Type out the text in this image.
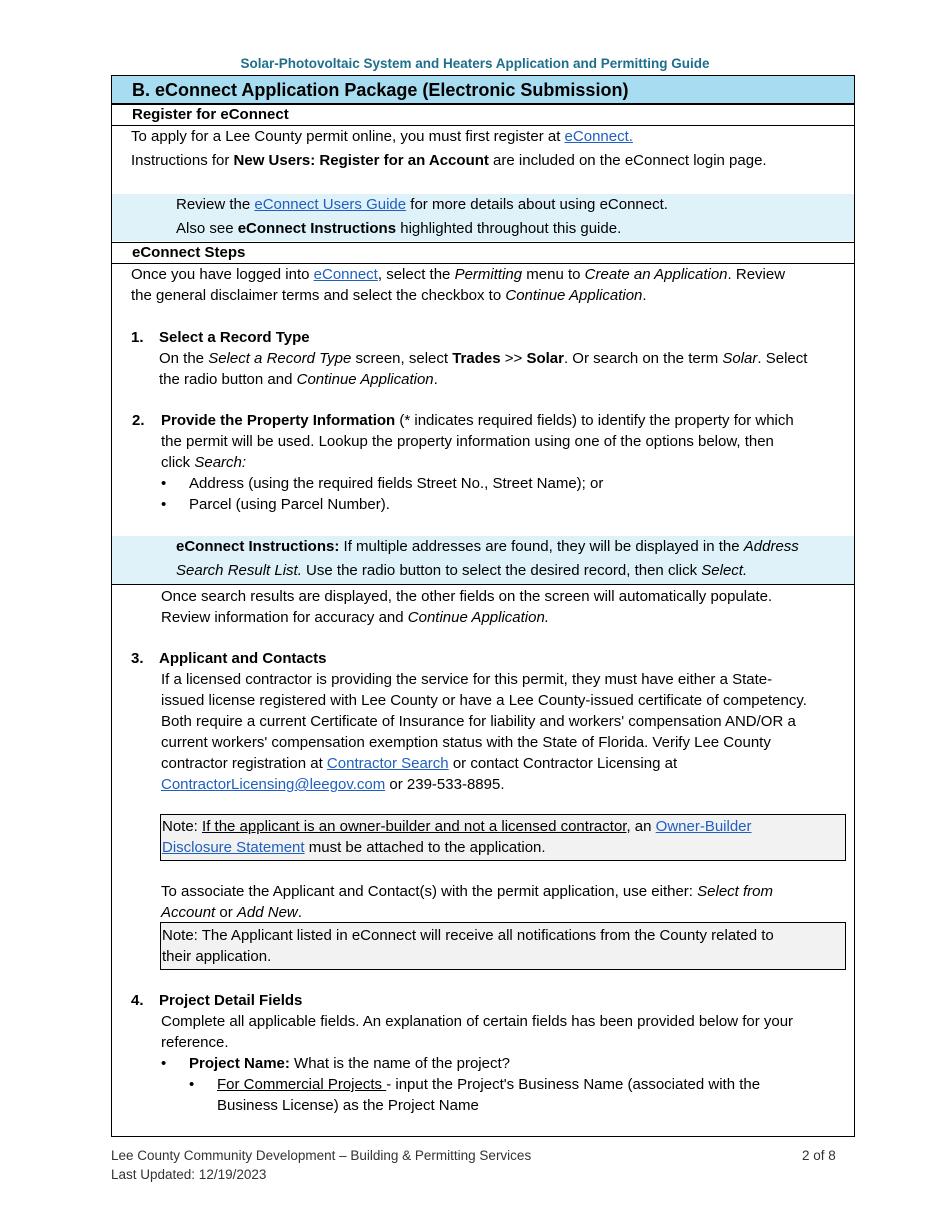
Solar-Photovoltaic System and Heaters Application and Permitting Guide
B. eConnect Application Package (Electronic Submission)
Register for eConnect
To apply for a Lee County permit online, you must first register at eConnect.
Instructions for New Users: Register for an Account are included on the eConnect login page.
Review the eConnect Users Guide for more details about using eConnect.
Also see eConnect Instructions highlighted throughout this guide.
eConnect Steps
Once you have logged into eConnect, select the Permitting menu to Create an Application. Review
the general disclaimer terms and select the checkbox to Continue Application.
1. Select a Record Type
On the Select a Record Type screen, select Trades >> Solar. Or search on the term Solar. Select
the radio button and Continue Application.
2. Provide the Property Information (* indicates required fields) to identify the property for which
the permit will be used. Lookup the property information using one of the options below, then
click Search:
• Address (using the required fields Street No., Street Name); or
• Parcel (using Parcel Number).
eConnect Instructions: If multiple addresses are found, they will be displayed in the Address
Search Result List. Use the radio button to select the desired record, then click Select.
Once search results are displayed, the other fields on the screen will automatically populate.
Review information for accuracy and Continue Application.
3. Applicant and Contacts
If a licensed contractor is providing the service for this permit, they must have either a State-
issued license registered with Lee County or have a Lee County-issued certificate of competency.
Both require a current Certificate of Insurance for liability and workers' compensation AND/OR a
current workers' compensation exemption status with the State of Florida. Verify Lee County
contractor registration at Contractor Search or contact Contractor Licensing at
ContractorLicensing@leegov.com or 239-533-8895.
Note: If the applicant is an owner-builder and not a licensed contractor, an Owner-Builder
Disclosure Statement must be attached to the application.
To associate the Applicant and Contact(s) with the permit application, use either: Select from
Account or Add New.
Note: The Applicant listed in eConnect will receive all notifications from the County related to
their application.
4. Project Detail Fields
Complete all applicable fields. An explanation of certain fields has been provided below for your
reference.
• Project Name: What is the name of the project?
• For Commercial Projects - input the Project's Business Name (associated with the
Business License) as the Project Name
Lee County Community Development – Building & Permitting Services
Last Updated: 12/19/2023
2 of 8
